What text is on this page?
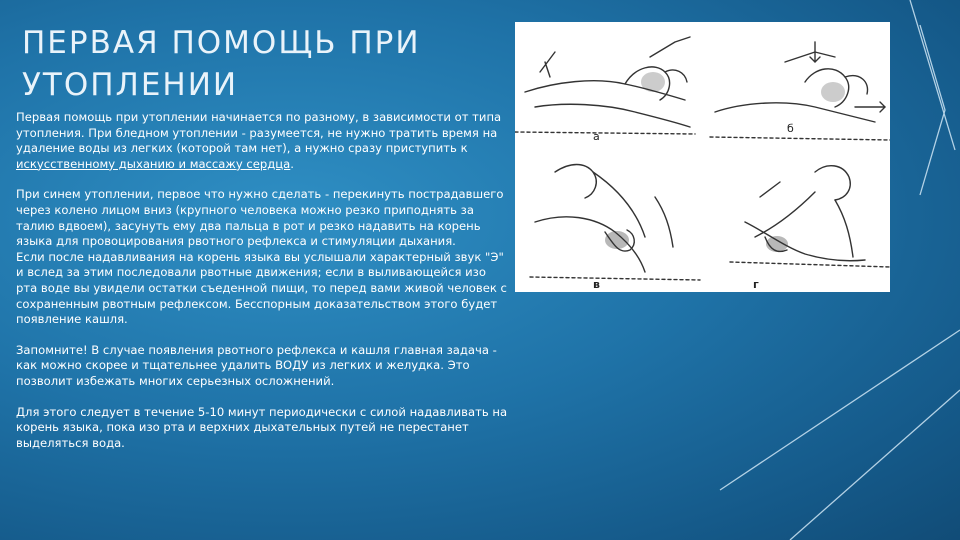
ПЕРВАЯ ПОМОЩЬ ПРИ
УТОПЛЕНИИ

Первая помощь при утоплении начинается по разному, в зависимости от типа утопления. При бледном утоплении - разумеется, не нужно тратить время на удаление воды из легких (которой там нет), а нужно сразу приступить к искусственному дыханию и массажу сердца.

При синем утоплении, первое что нужно сделать - перекинуть пострадавшего через колено лицом вниз (крупного человека можно резко приподнять за талию вдвоем), засунуть ему два пальца в рот и резко надавить на корень языка для провоцирования рвотного рефлекса и стимуляции дыхания.

Если после надавливания на корень языка вы услышали характерный звук "Э" и вслед за этим последовали рвотные движения; если в выливающейся изо рта воде вы увидели остатки съеденной пищи, то перед вами живой человек с сохраненным рвотным рефлексом. Бесспорным доказательством этого будет появление кашля.

Запомните! В случае появления рвотного рефлекса и кашля главная задача - как можно скорее и тщательнее удалить ВОДУ из легких и желудка. Это позволит избежать многих серьезных осложнений.

Для этого следует в течение 5-10 минут периодически с силой надавливать на корень языка, пока изо рта и верхних дыхательных путей не перестанет выделяться вода.

а
б
в	г
